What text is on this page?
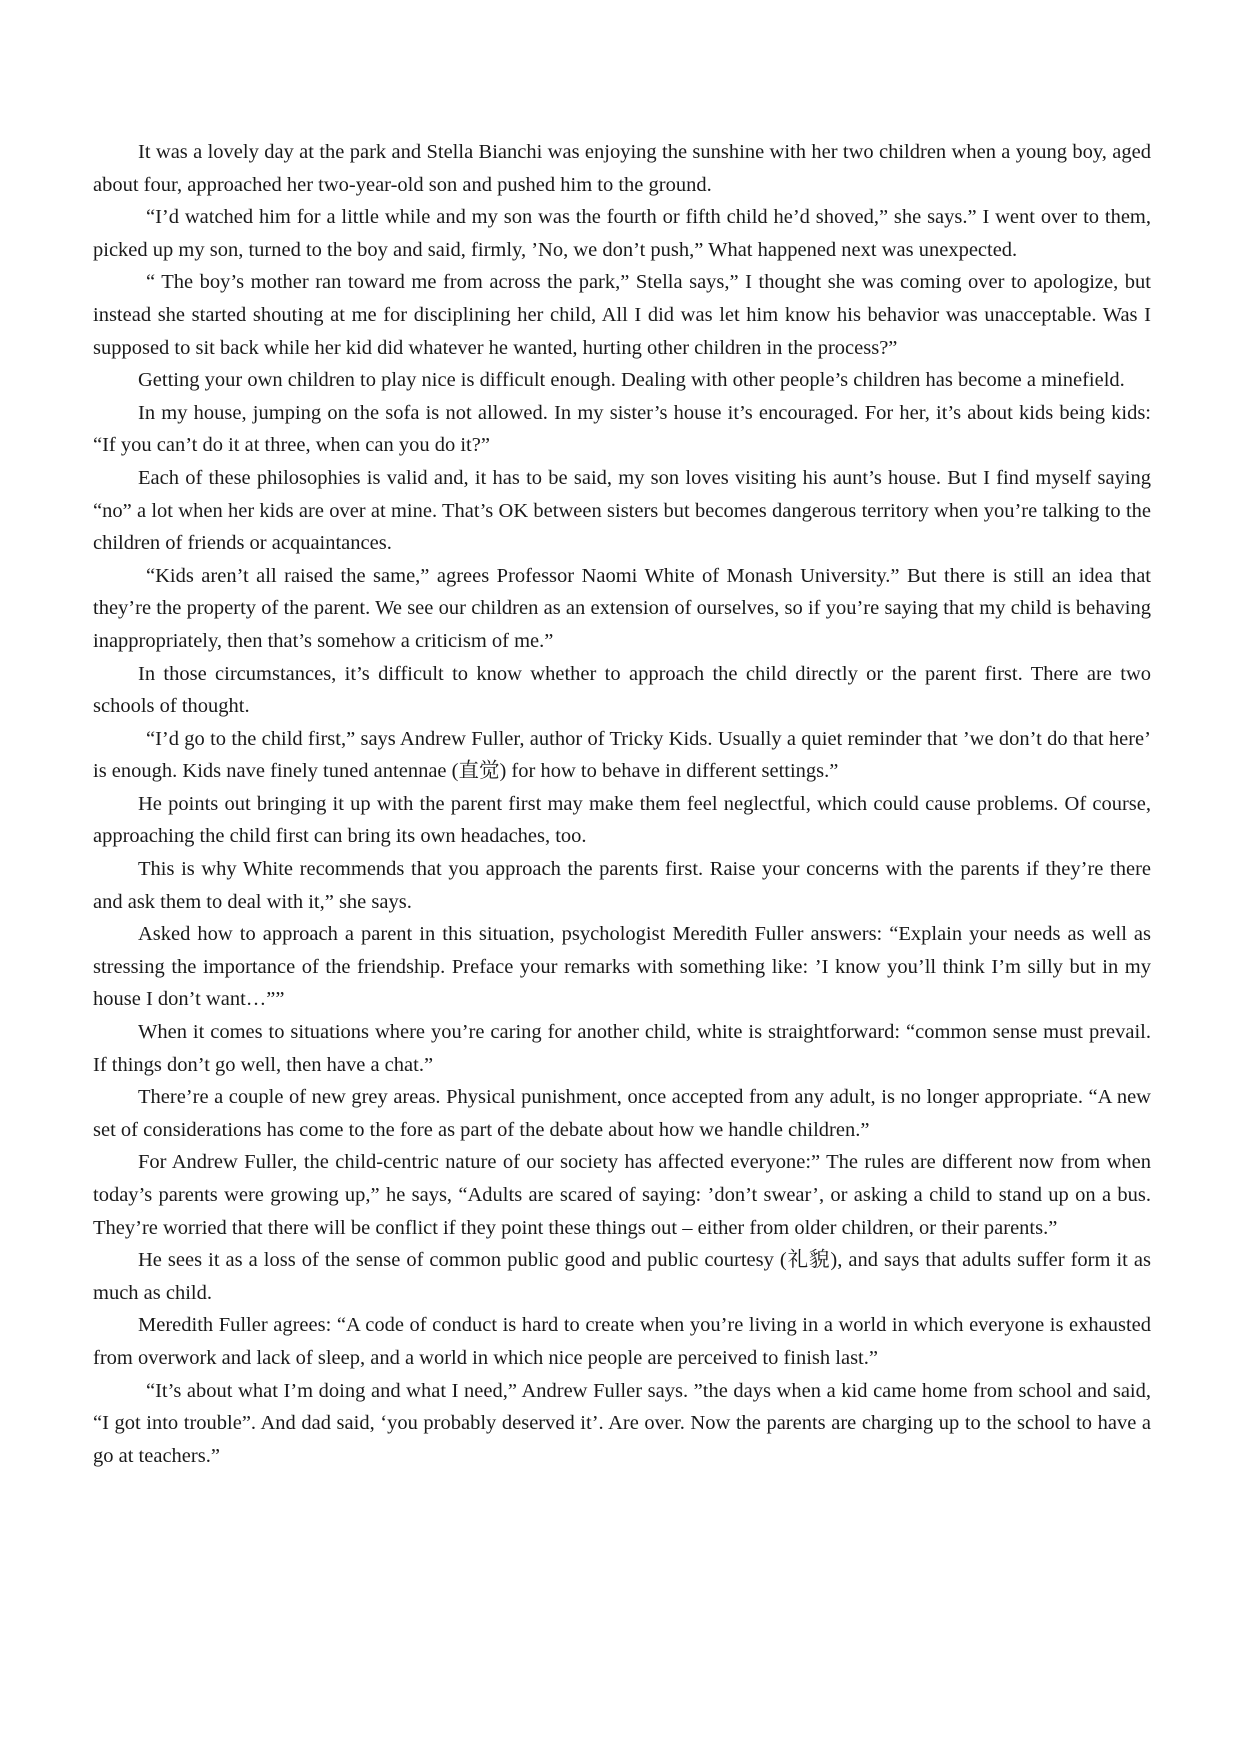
It was a lovely day at the park and Stella Bianchi was enjoying the sunshine with her two children when a young boy, aged about four, approached her two-year-old son and pushed him to the ground.

“I’d watched him for a little while and my son was the fourth or fifth child he’d shoved,” she says.” I went over to them, picked up my son, turned to the boy and said, firmly, ’No, we don’t push,” What happened next was unexpected.

“ The boy’s mother ran toward me from across the park,” Stella says,” I thought she was coming over to apologize, but instead she started shouting at me for disciplining her child, All I did was let him know his behavior was unacceptable. Was I supposed to sit back while her kid did whatever he wanted, hurting other children in the process?”

Getting your own children to play nice is difficult enough. Dealing with other people’s children has become a minefield.

In my house, jumping on the sofa is not allowed. In my sister’s house it’s encouraged. For her, it’s about kids being kids: “If you can’t do it at three, when can you do it?”

Each of these philosophies is valid and, it has to be said, my son loves visiting his aunt’s house. But I find myself saying “no” a lot when her kids are over at mine. That’s OK between sisters but becomes dangerous territory when you’re talking to the children of friends or acquaintances.

“Kids aren’t all raised the same,” agrees Professor Naomi White of Monash University.” But there is still an idea that they’re the property of the parent. We see our children as an extension of ourselves, so if you’re saying that my child is behaving inappropriately, then that’s somehow a criticism of me.”

In those circumstances, it’s difficult to know whether to approach the child directly or the parent first. There are two schools of thought.

“I’d go to the child first,” says Andrew Fuller, author of Tricky Kids. Usually a quiet reminder that ’we don’t do that here’ is enough. Kids nave finely tuned antennae (直觉) for how to behave in different settings.”

He points out bringing it up with the parent first may make them feel neglectful, which could cause problems. Of course, approaching the child first can bring its own headaches, too.

This is why White recommends that you approach the parents first. Raise your concerns with the parents if they’re there and ask them to deal with it,” she says.

Asked how to approach a parent in this situation, psychologist Meredith Fuller answers: “Explain your needs as well as stressing the importance of the friendship. Preface your remarks with something like: ’I know you’ll think I’m silly but in my house I don’t want…””

When it comes to situations where you’re caring for another child, white is straightforward: “common sense must prevail. If things don’t go well, then have a chat.”

There’re a couple of new grey areas. Physical punishment, once accepted from any adult, is no longer appropriate. “A new set of considerations has come to the fore as part of the debate about how we handle children.”

For Andrew Fuller, the child-centric nature of our society has affected everyone:” The rules are different now from when today’s parents were growing up,” he says, “Adults are scared of saying: ’don’t swear’, or asking a child to stand up on a bus. They’re worried that there will be conflict if they point these things out – either from older children, or their parents.”

He sees it as a loss of the sense of common public good and public courtesy (礼貌), and says that adults suffer form it as much as child.

Meredith Fuller agrees: “A code of conduct is hard to create when you’re living in a world in which everyone is exhausted from overwork and lack of sleep, and a world in which nice people are perceived to finish last.”

“It’s about what I’m doing and what I need,” Andrew Fuller says. ”the days when a kid came home from school and said, “I got into trouble”. And dad said, ‘you probably deserved it’. Are over. Now the parents are charging up to the school to have a go at teachers.”
